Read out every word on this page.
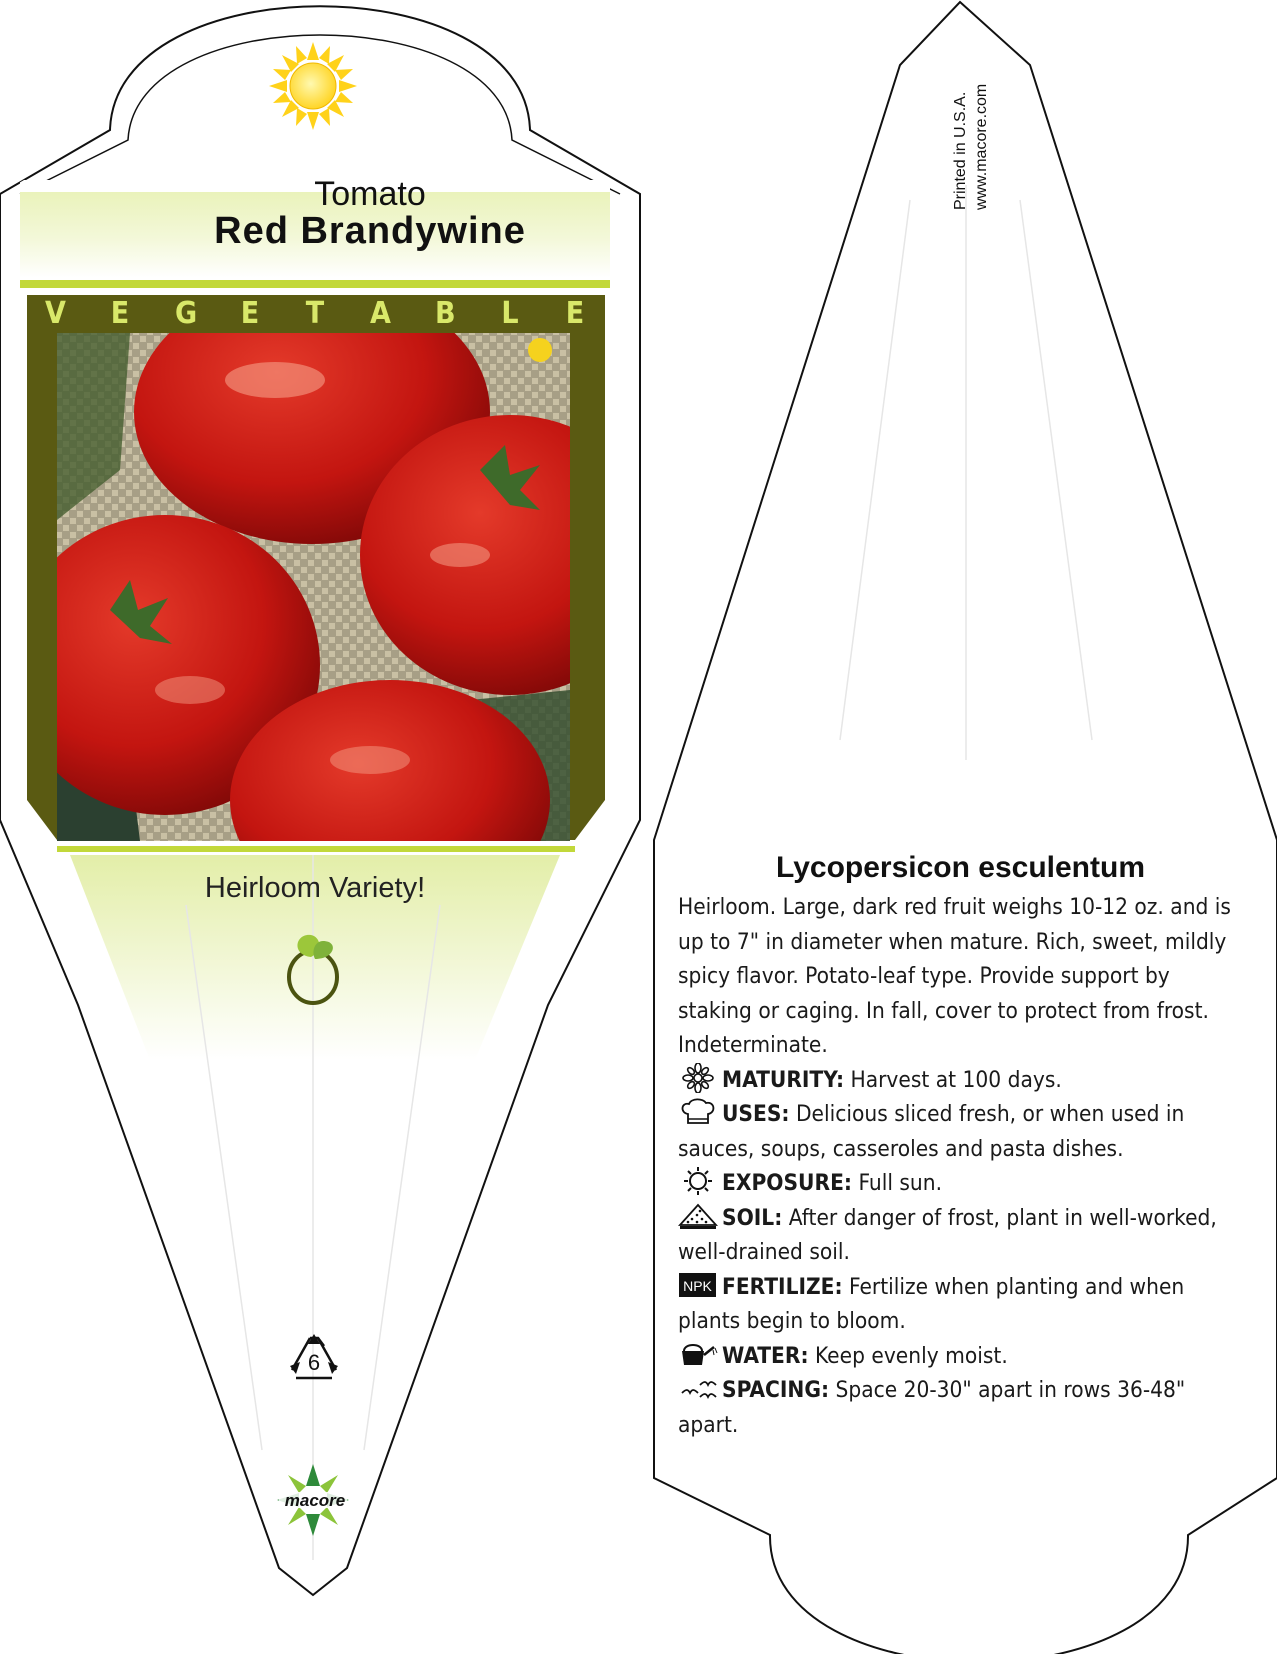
Tomato
Red Brandywine
V E G E T A B L E
Heirloom Variety!
6
macore
Printed in U.S.A. www.macore.com
Lycopersicon esculentum

Heirloom. Large, dark red fruit weighs 10-12 oz. and is up to 7" in diameter when mature. Rich, sweet, mildly spicy flavor. Potato-leaf type. Provide support by staking or caging. In fall, cover to protect from frost. Indeterminate.

MATURITY: Harvest at 100 days.

USES: Delicious sliced fresh, or when used in sauces, soups, casseroles and pasta dishes.

EXPOSURE: Full sun.

SOIL: After danger of frost, plant in well-worked, well-drained soil.

NPK FERTILIZE: Fertilize when planting and when plants begin to bloom.

WATER: Keep evenly moist.

SPACING: Space 20-30" apart in rows 36-48" apart.
